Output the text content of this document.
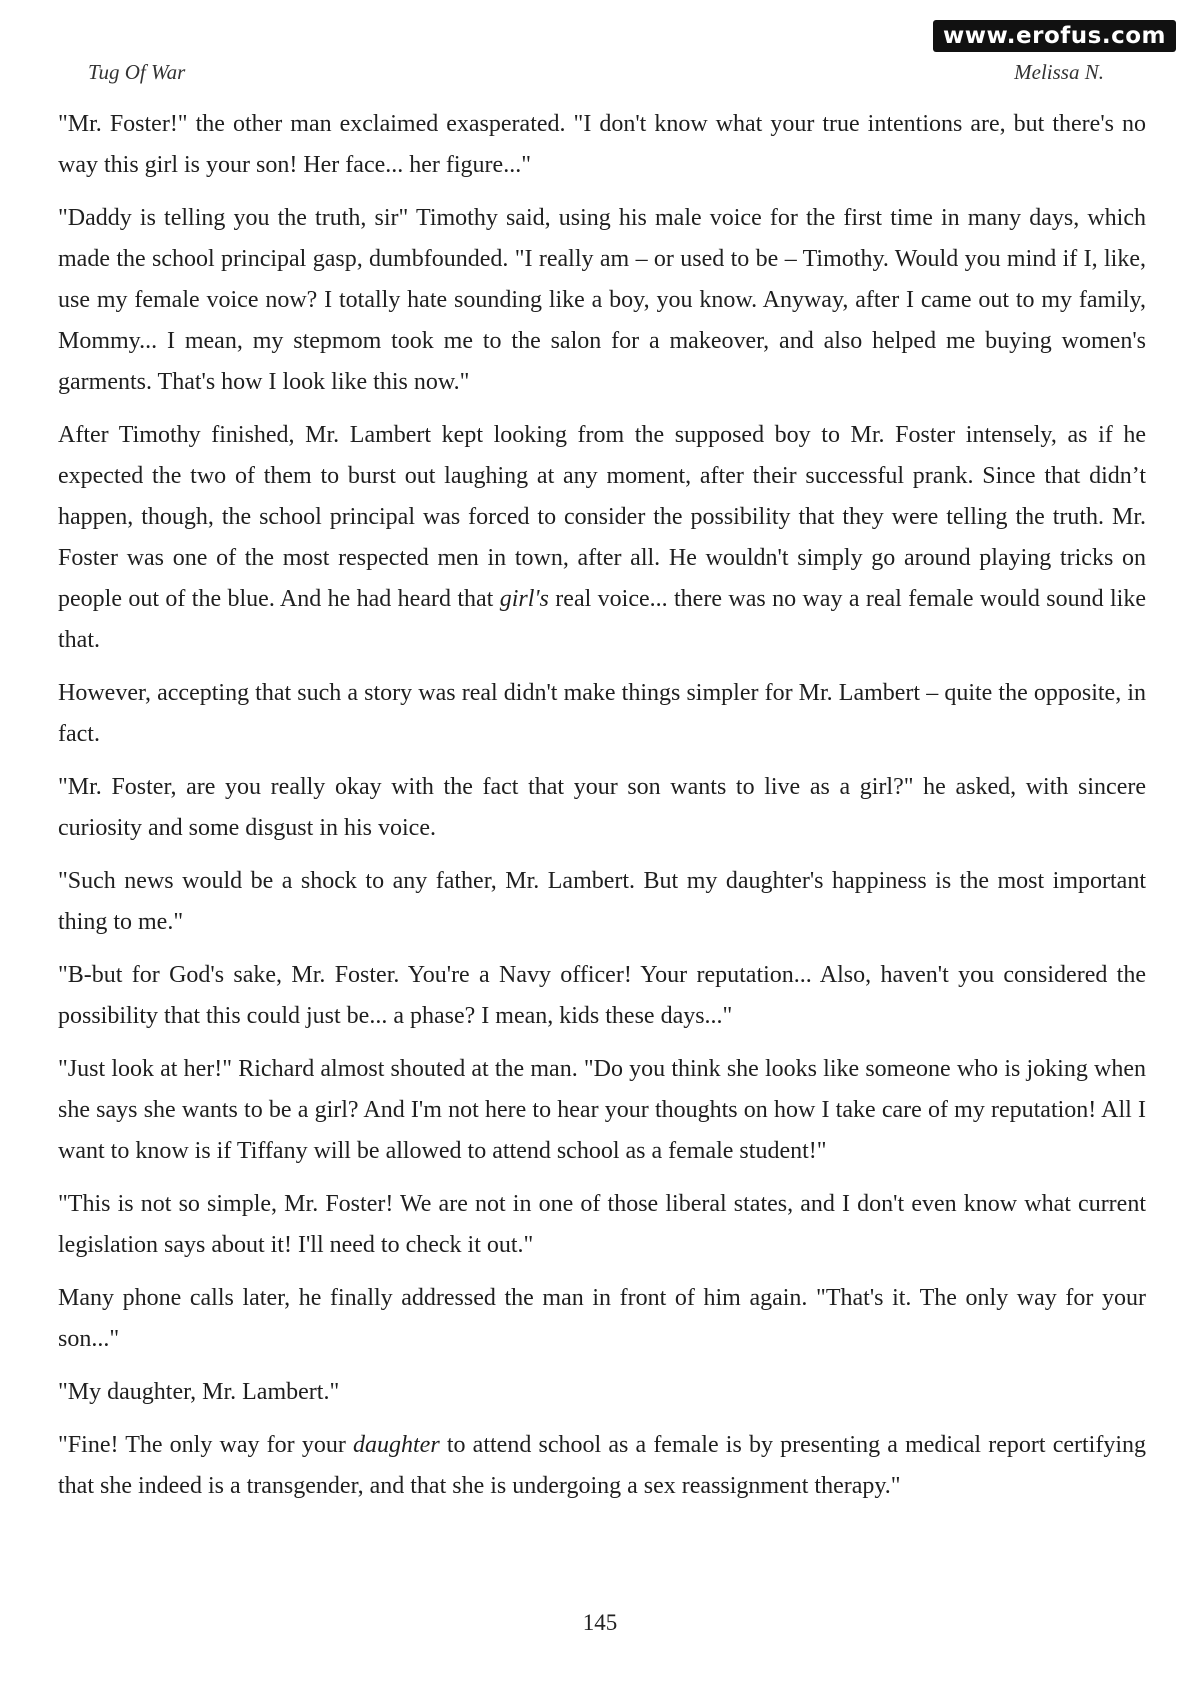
www.erofus.com
Tug Of War	Melissa N.

"Mr. Foster!" the other man exclaimed exasperated. "I don't know what your true intentions are, but there's no way this girl is your son! Her face... her figure..."

"Daddy is telling you the truth, sir" Timothy said, using his male voice for the first time in many days, which made the school principal gasp, dumbfounded. "I really am – or used to be – Timothy. Would you mind if I, like, use my female voice now? I totally hate sounding like a boy, you know. Anyway, after I came out to my family, Mommy... I mean, my stepmom took me to the salon for a makeover, and also helped me buying women's garments. That's how I look like this now."

After Timothy finished, Mr. Lambert kept looking from the supposed boy to Mr. Foster intensely, as if he expected the two of them to burst out laughing at any moment, after their successful prank. Since that didn’t happen, though, the school principal was forced to consider the possibility that they were telling the truth. Mr. Foster was one of the most respected men in town, after all. He wouldn't simply go around playing tricks on people out of the blue. And he had heard that girl's real voice... there was no way a real female would sound like that.

However, accepting that such a story was real didn't make things simpler for Mr. Lambert – quite the opposite, in fact.

"Mr. Foster, are you really okay with the fact that your son wants to live as a girl?" he asked, with sincere curiosity and some disgust in his voice.

"Such news would be a shock to any father, Mr. Lambert. But my daughter's happiness is the most important thing to me."

"B-but for God's sake, Mr. Foster. You're a Navy officer! Your reputation... Also, haven't you considered the possibility that this could just be... a phase? I mean, kids these days..."

"Just look at her!" Richard almost shouted at the man. "Do you think she looks like someone who is joking when she says she wants to be a girl? And I'm not here to hear your thoughts on how I take care of my reputation! All I want to know is if Tiffany will be allowed to attend school as a female student!"

"This is not so simple, Mr. Foster! We are not in one of those liberal states, and I don't even know what current legislation says about it! I'll need to check it out."

Many phone calls later, he finally addressed the man in front of him again. "That's it. The only way for your son..."

"My daughter, Mr. Lambert."

"Fine! The only way for your daughter to attend school as a female is by presenting a medical report certifying that she indeed is a transgender, and that she is undergoing a sex reassignment therapy."

145
